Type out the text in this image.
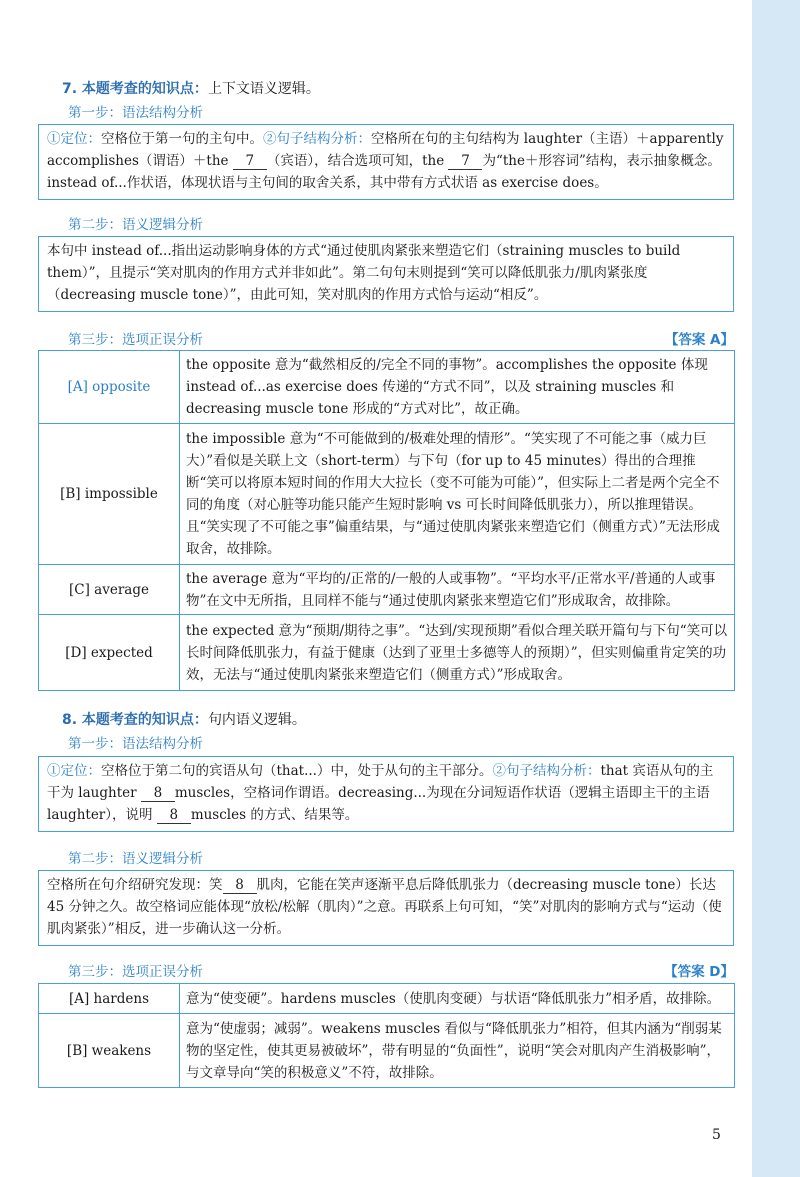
7. 本题考查的知识点：上下文语义逻辑。
第一步：语法结构分析
①定位：空格位于第一句的主句中。②句子结构分析：空格所在句的主句结构为 laughter（主语）＋apparently accomplishes（谓语）＋the 7 （宾语），结合选项可知，the 7 为“the＋形容词”结构，表示抽象概念。instead of...作状语，体现状语与主句间的取舍关系，其中带有方式状语 as exercise does。
第二步：语义逻辑分析
本句中 instead of...指出运动影响身体的方式“通过使肌肉紧张来塑造它们（straining muscles to build them）”，且提示“笑对肌肉的作用方式并非如此”。第二句句末则提到“笑可以降低肌张力/肌肉紧张度（decreasing muscle tone）”，由此可知，笑对肌肉的作用方式恰与运动“相反”。
第三步：选项正误分析	【答案 A】
[A] opposite	the opposite 意为“截然相反的/完全不同的事物”。accomplishes the opposite 体现 instead of...as exercise does 传递的“方式不同”，以及 straining muscles 和 decreasing muscle tone 形成的“方式对比”，故正确。
[B] impossible	the impossible 意为“不可能做到的/极难处理的情形”。“笑实现了不可能之事（威力巨大）”看似是关联上文（short-term）与下句（for up to 45 minutes）得出的合理推断“笑可以将原本短时间的作用大大拉长（变不可能为可能）”，但实际上二者是两个完全不同的角度（对心脏等功能只能产生短时影响 vs 可长时间降低肌张力），所以推理错误。且“笑实现了不可能之事”偏重结果，与“通过使肌肉紧张来塑造它们（侧重方式）”无法形成取舍，故排除。
[C] average	the average 意为“平均的/正常的/一般的人或事物”。“平均水平/正常水平/普通的人或事物”在文中无所指，且同样不能与“通过使肌肉紧张来塑造它们”形成取舍，故排除。
[D] expected	the expected 意为“预期/期待之事”。“达到/实现预期”看似合理关联开篇句与下句“笑可以长时间降低肌张力，有益于健康（达到了亚里士多德等人的预期）”，但实则偏重肯定笑的功效，无法与“通过使肌肉紧张来塑造它们（侧重方式）”形成取舍。
8. 本题考查的知识点：句内语义逻辑。
第一步：语法结构分析
①定位：空格位于第二句的宾语从句（that...）中，处于从句的主干部分。②句子结构分析：that 宾语从句的主干为 laughter 8 muscles，空格词作谓语。decreasing...为现在分词短语作状语（逻辑主语即主干的主语 laughter），说明 8 muscles 的方式、结果等。
第二步：语义逻辑分析
空格所在句介绍研究发现：笑 8 肌肉，它能在笑声逐渐平息后降低肌张力（decreasing muscle tone）长达 45 分钟之久。故空格词应能体现“放松/松解（肌肉）”之意。再联系上句可知，“笑”对肌肉的影响方式与“运动（使肌肉紧张）”相反，进一步确认这一分析。
第三步：选项正误分析	【答案 D】
[A] hardens	意为“使变硬”。hardens muscles（使肌肉变硬）与状语“降低肌张力”相矛盾，故排除。
[B] weakens	意为“使虚弱；减弱”。weakens muscles 看似与“降低肌张力”相符，但其内涵为“削弱某物的坚定性，使其更易被破坏”，带有明显的“负面性”，说明“笑会对肌肉产生消极影响”，与文章导向“笑的积极意义”不符，故排除。
5
